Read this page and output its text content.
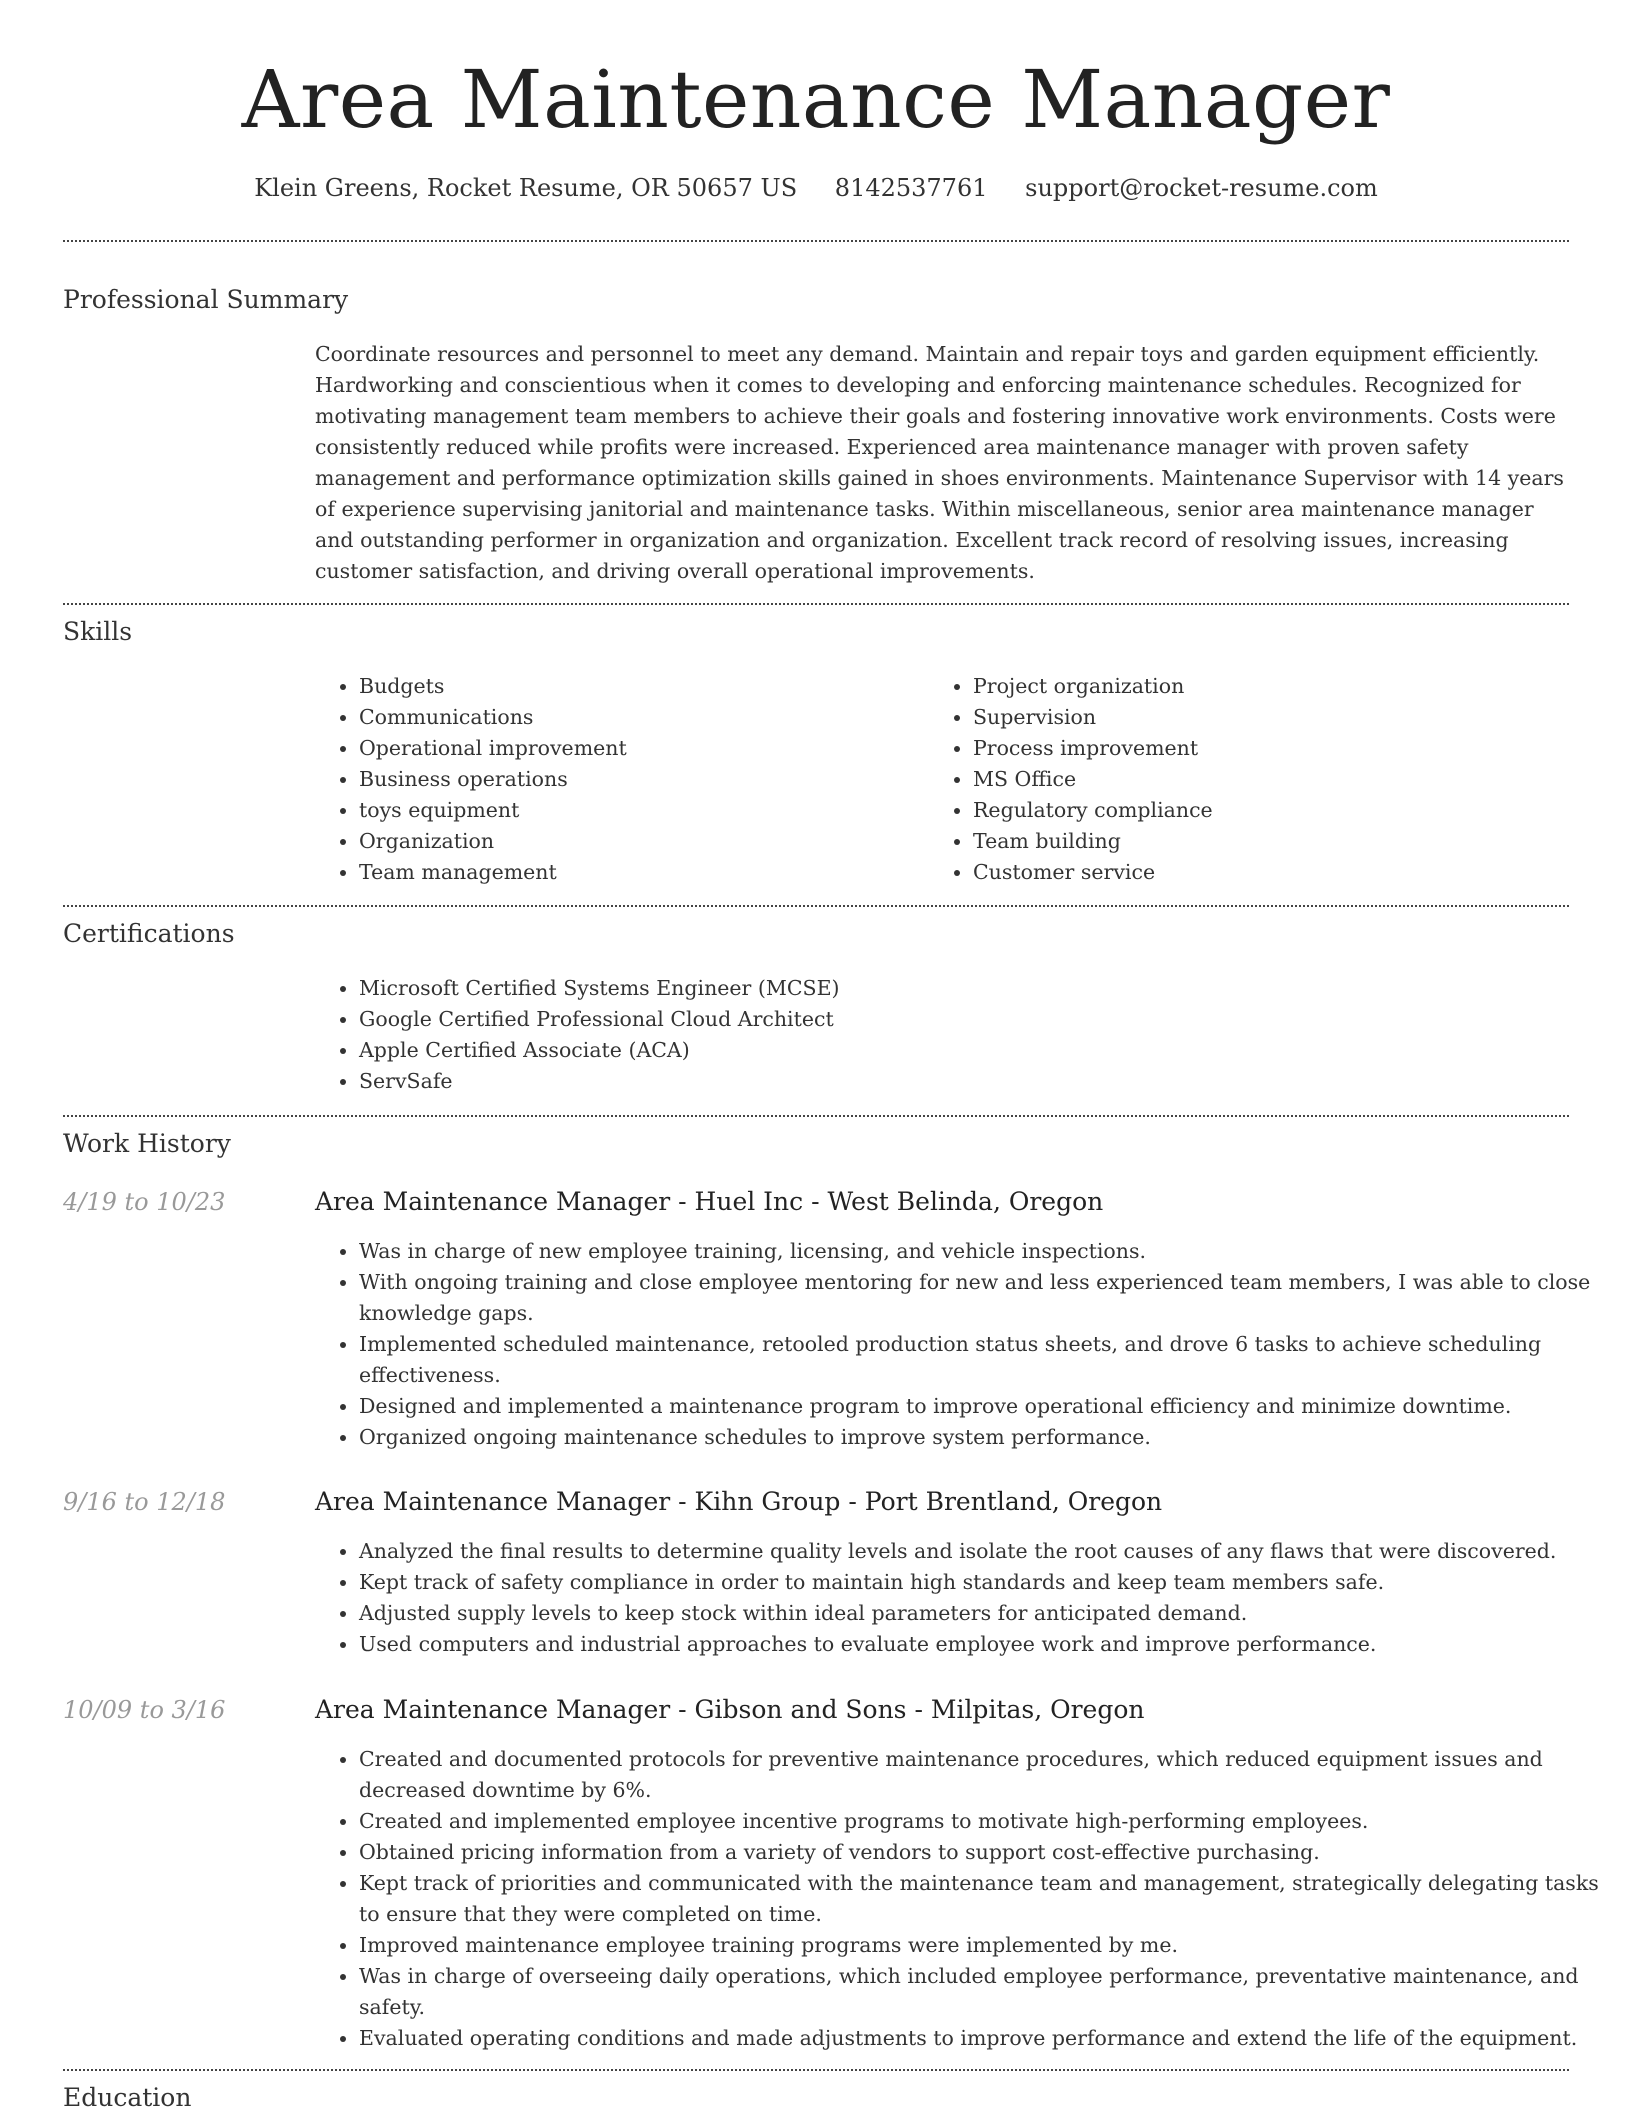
Area Maintenance Manager
Klein Greens, Rocket Resume, OR 50657 US 8142537761 support@rocket-resume.com
Professional Summary

Coordinate resources and personnel to meet any demand. Maintain and repair toys and garden equipment efficiently. Hardworking and conscientious when it comes to developing and enforcing maintenance schedules. Recognized for motivating management team members to achieve their goals and fostering innovative work environments. Costs were consistently reduced while profits were increased. Experienced area maintenance manager with proven safety management and performance optimization skills gained in shoes environments. Maintenance Supervisor with 14 years of experience supervising janitorial and maintenance tasks. Within miscellaneous, senior area maintenance manager and outstanding performer in organization and organization. Excellent track record of resolving issues, increasing customer satisfaction, and driving overall operational improvements.

Skills
• Budgets
• Communications
• Operational improvement
• Business operations
• toys equipment
• Organization
• Team management
• Project organization
• Supervision
• Process improvement
• MS Office
• Regulatory compliance
• Team building
• Customer service
Certifications
• Microsoft Certified Systems Engineer (MCSE)
• Google Certified Professional Cloud Architect
• Apple Certified Associate (ACA)
• ServSafe
Work History
4/19 to 10/23	Area Maintenance Manager - Huel Inc - West Belinda, Oregon
• Was in charge of new employee training, licensing, and vehicle inspections.
• With ongoing training and close employee mentoring for new and less experienced team members, I was able to close knowledge gaps.
• Implemented scheduled maintenance, retooled production status sheets, and drove 6 tasks to achieve scheduling effectiveness.
• Designed and implemented a maintenance program to improve operational efficiency and minimize downtime.
• Organized ongoing maintenance schedules to improve system performance.
9/16 to 12/18	Area Maintenance Manager - Kihn Group - Port Brentland, Oregon
• Analyzed the final results to determine quality levels and isolate the root causes of any flaws that were discovered.
• Kept track of safety compliance in order to maintain high standards and keep team members safe.
• Adjusted supply levels to keep stock within ideal parameters for anticipated demand.
• Used computers and industrial approaches to evaluate employee work and improve performance.
10/09 to 3/16	Area Maintenance Manager - Gibson and Sons - Milpitas, Oregon
• Created and documented protocols for preventive maintenance procedures, which reduced equipment issues and decreased downtime by 6%.
• Created and implemented employee incentive programs to motivate high-performing employees.
• Obtained pricing information from a variety of vendors to support cost-effective purchasing.
• Kept track of priorities and communicated with the maintenance team and management, strategically delegating tasks to ensure that they were completed on time.
• Improved maintenance employee training programs were implemented by me.
• Was in charge of overseeing daily operations, which included employee performance, preventative maintenance, and safety.
• Evaluated operating conditions and made adjustments to improve performance and extend the life of the equipment.
Education
